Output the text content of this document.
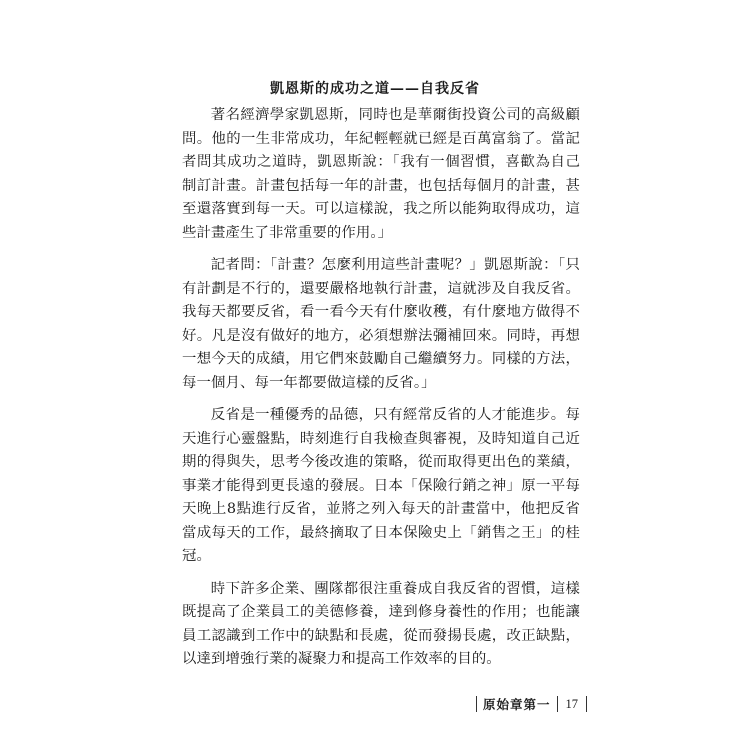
凱恩斯的成功之道——自我反省

著名經濟學家凱恩斯，同時也是華爾街投資公司的高級顧問。他的一生非常成功，年紀輕輕就已經是百萬富翁了。當記者問其成功之道時，凱恩斯說：「我有一個習慣，喜歡為自己制訂計畫。計畫包括每一年的計畫，也包括每個月的計畫，甚至還落實到每一天。可以這樣說，我之所以能夠取得成功，這些計畫產生了非常重要的作用。」

記者問：「計畫？怎麼利用這些計畫呢？」凱恩斯說：「只有計劃是不行的，還要嚴格地執行計畫，這就涉及自我反省。我每天都要反省，看一看今天有什麼收穫，有什麼地方做得不好。凡是沒有做好的地方，必須想辦法彌補回來。同時，再想一想今天的成績，用它們來鼓勵自己繼續努力。同樣的方法，每一個月、每一年都要做這樣的反省。」

反省是一種優秀的品德，只有經常反省的人才能進步。每天進行心靈盤點，時刻進行自我檢查與審視，及時知道自己近期的得與失，思考今後改進的策略，從而取得更出色的業績，事業才能得到更長遠的發展。日本「保險行銷之神」原一平每天晚上8點進行反省，並將之列入每天的計畫當中，他把反省當成每天的工作，最終摘取了日本保險史上「銷售之王」的桂冠。

時下許多企業、團隊都很注重養成自我反省的習慣，這樣既提高了企業員工的美德修養，達到修身養性的作用；也能讓員工認識到工作中的缺點和長處，從而發揚長處，改正缺點，以達到增強行業的凝聚力和提高工作效率的目的。

原始章第一 17
